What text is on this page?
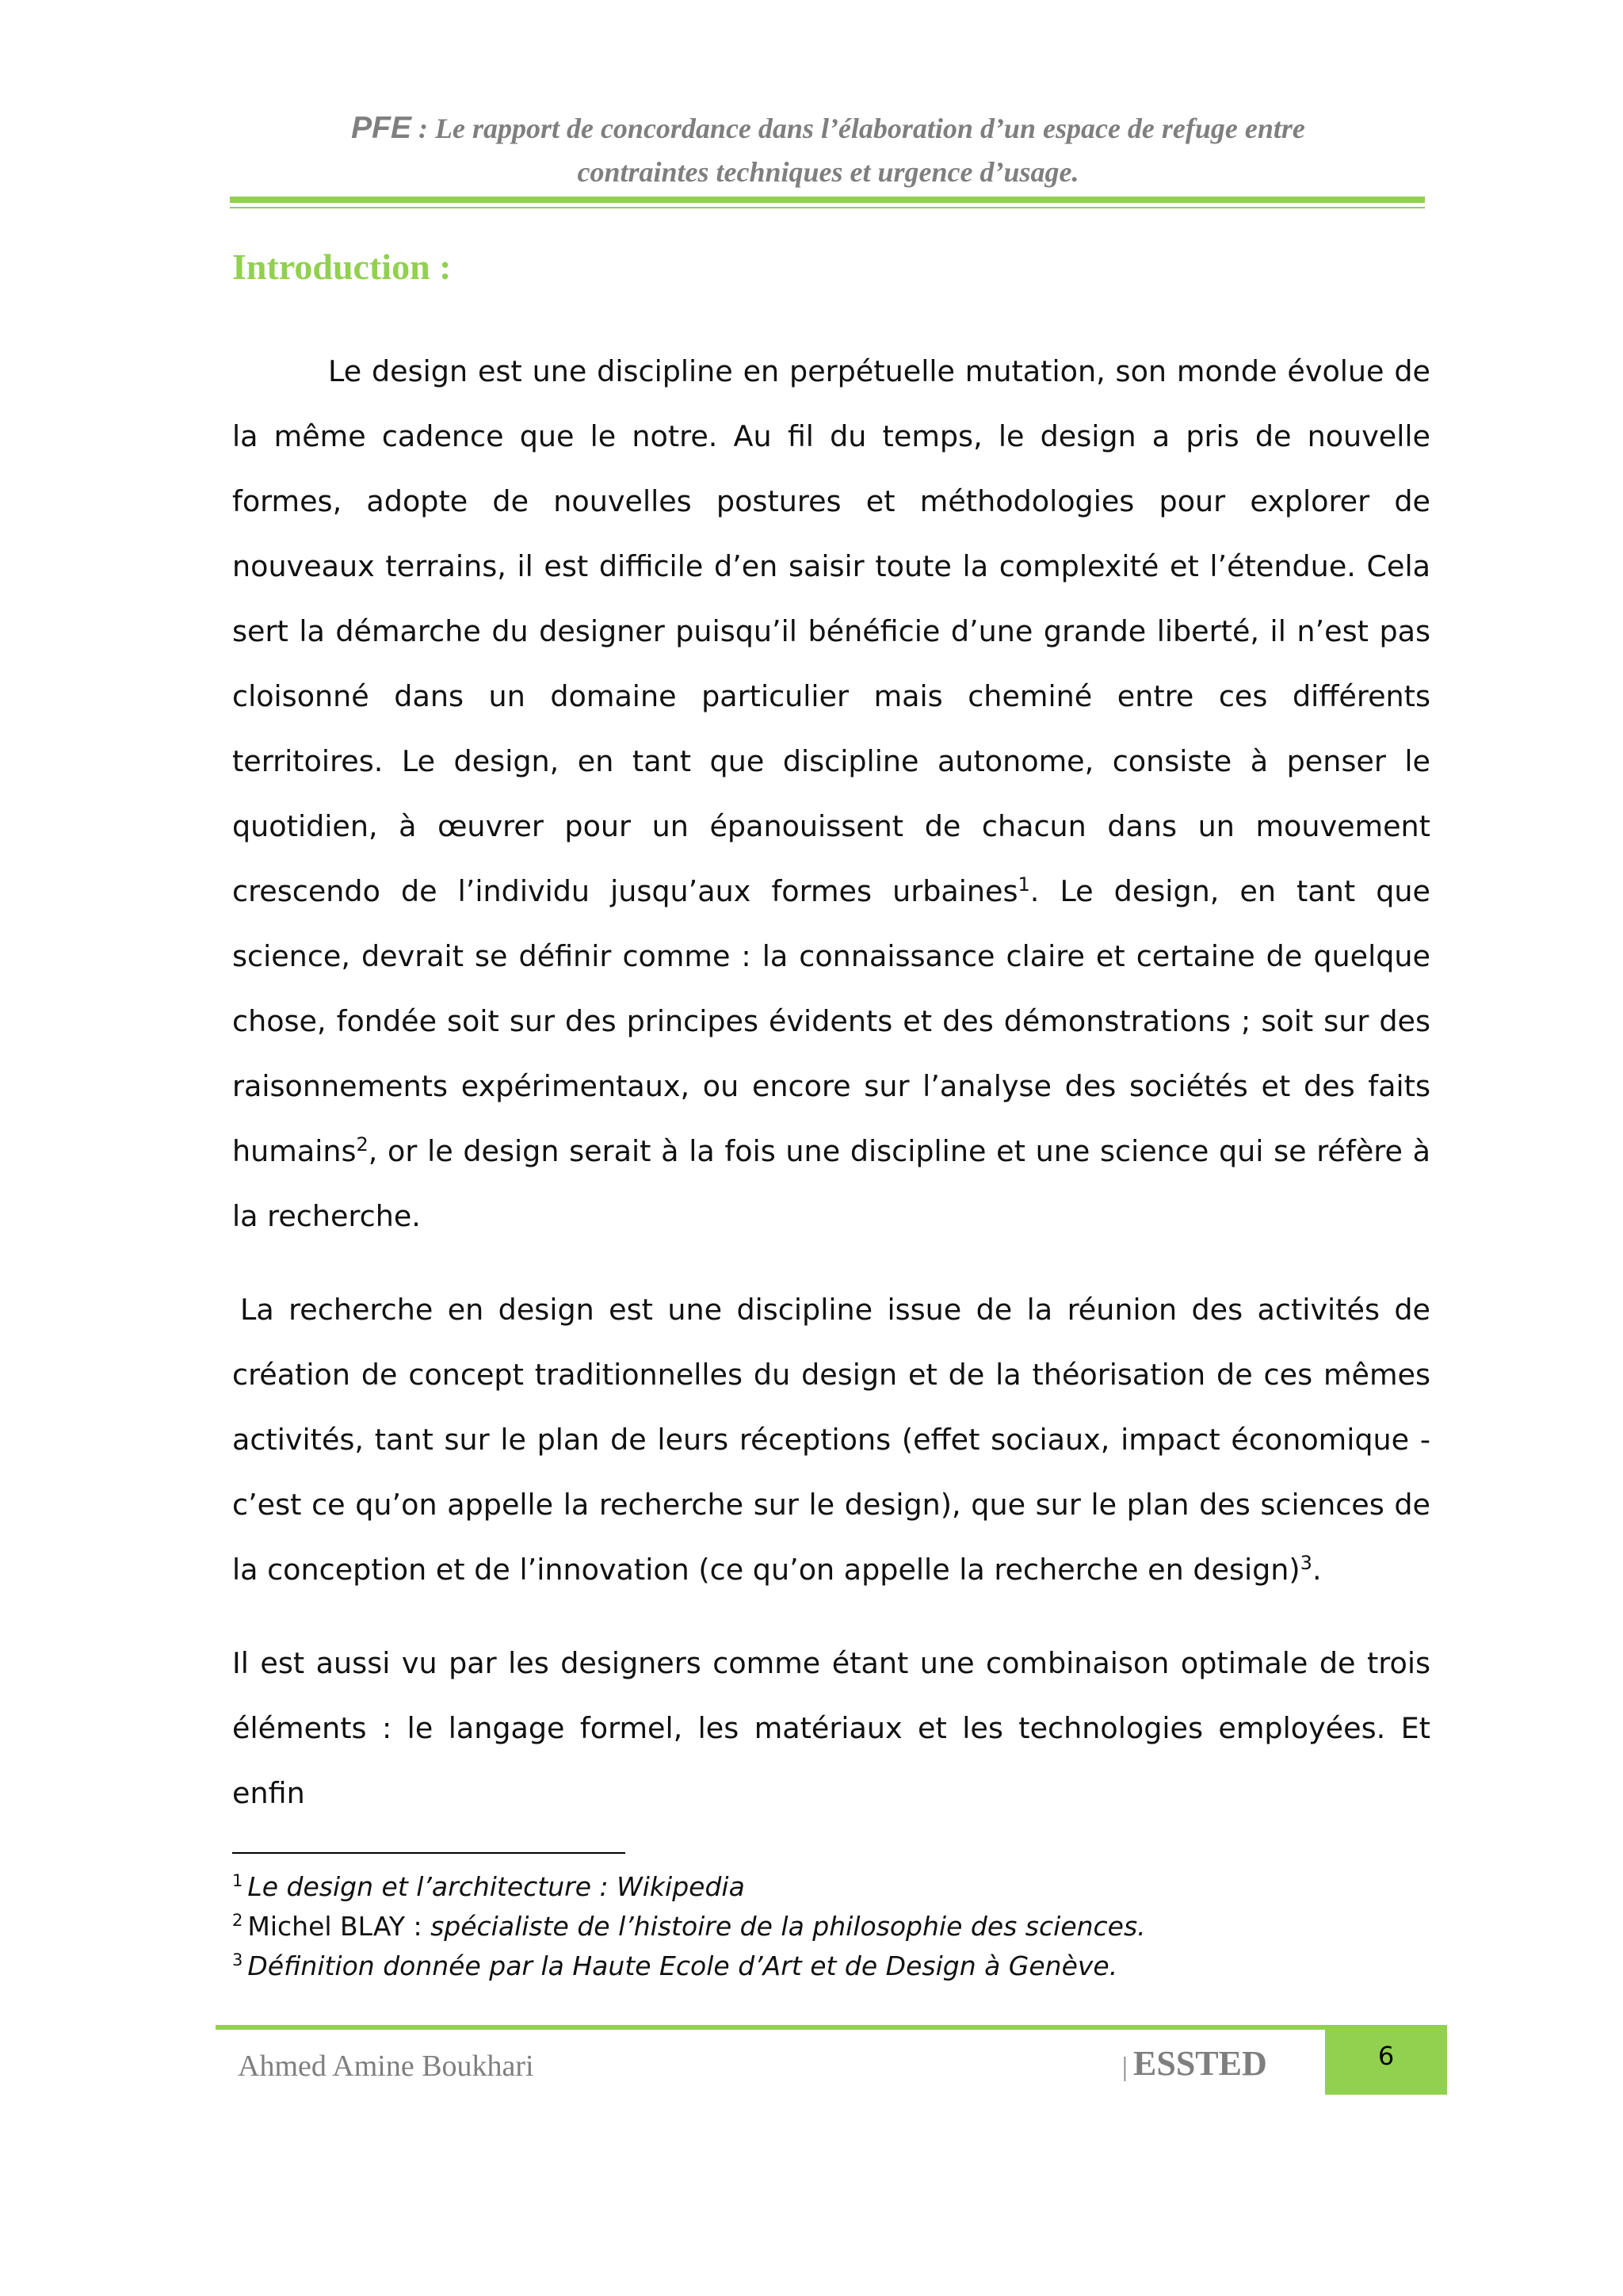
PFE : Le rapport de concordance dans l’élaboration d’un espace de refuge entre
contraintes techniques et urgence d’usage.
Introduction :

Le design est une discipline en perpétuelle mutation, son monde évolue de la même cadence que le notre. Au fil du temps, le design a pris de nouvelle formes, adopte de nouvelles postures et méthodologies pour explorer de nouveaux terrains, il est difficile d’en saisir toute la complexité et l’étendue. Cela sert la démarche du designer puisqu’il bénéficie d’une grande liberté, il n’est pas cloisonné dans un domaine particulier mais cheminé entre ces différents territoires. Le design, en tant que discipline autonome, consiste à penser le quotidien, à œuvrer pour un épanouissent de chacun dans un mouvement crescendo de l’individu jusqu’aux formes urbaines$^1$. Le design, en tant que science, devrait se définir comme : la connaissance claire et certaine de quelque chose, fondée soit sur des principes évidents et des démonstrations ; soit sur des raisonnements expérimentaux, ou encore sur l’analyse des sociétés et des faits humains$^2$, or le design serait à la fois une discipline et une science qui se réfère à la recherche.

La recherche en design est une discipline issue de la réunion des activités de création de concept traditionnelles du design et de la théorisation de ces mêmes activités, tant sur le plan de leurs réceptions (effet sociaux, impact économique - c’est ce qu’on appelle la recherche sur le design), que sur le plan des sciences de la conception et de l’innovation (ce qu’on appelle la recherche en design)$^3$.

Il est aussi vu par les designers comme étant une combinaison optimale de trois éléments : le langage formel, les matériaux et les technologies employées. Et enfin

$^1$ Le design et l’architecture : Wikipedia
$^2$ Michel BLAY : spécialiste de l’histoire de la philosophie des sciences.
$^3$ Définition donnée par la Haute Ecole d’Art et de Design à Genève.
Ahmed Amine Boukhari	| ESSTED	6
